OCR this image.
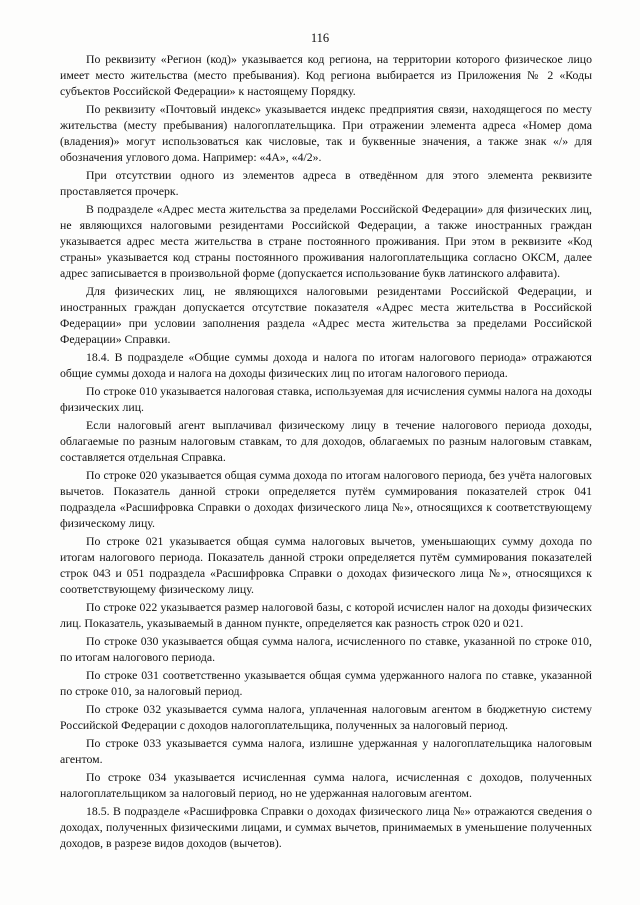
116

По реквизиту «Регион (код)» указывается код региона, на территории которого физическое лицо имеет место жительства (место пребывания). Код региона выбирается из Приложения № 2 «Коды субъектов Российской Федерации» к настоящему Порядку.

По реквизиту «Почтовый индекс» указывается индекс предприятия связи, находящегося по месту жительства (месту пребывания) налогоплательщика. При отражении элемента адреса «Номер дома (владения)» могут использоваться как числовые, так и буквенные значения, а также знак «/» для обозначения углового дома. Например: «4А», «4/2».

При отсутствии одного из элементов адреса в отведённом для этого элемента реквизите проставляется прочерк.

В подразделе «Адрес места жительства за пределами Российской Федерации» для физических лиц, не являющихся налоговыми резидентами Российской Федерации, а также иностранных граждан указывается адрес места жительства в стране постоянного проживания. При этом в реквизите «Код страны» указывается код страны постоянного проживания налогоплательщика согласно ОКСМ, далее адрес записывается в произвольной форме (допускается использование букв латинского алфавита).

Для физических лиц, не являющихся налоговыми резидентами Российской Федерации, и иностранных граждан допускается отсутствие показателя «Адрес места жительства в Российской Федерации» при условии заполнения раздела «Адрес места жительства за пределами Российской Федерации» Справки.

18.4. В подразделе «Общие суммы дохода и налога по итогам налогового периода» отражаются общие суммы дохода и налога на доходы физических лиц по итогам налогового периода.

По строке 010 указывается налоговая ставка, используемая для исчисления суммы налога на доходы физических лиц.

Если налоговый агент выплачивал физическому лицу в течение налогового периода доходы, облагаемые по разным налоговым ставкам, то для доходов, облагаемых по разным налоговым ставкам, составляется отдельная Справка.

По строке 020 указывается общая сумма дохода по итогам налогового периода, без учёта налоговых вычетов. Показатель данной строки определяется путём суммирования показателей строк 041 подраздела «Расшифровка Справки о доходах физического лица №», относящихся к соответствующему физическому лицу.

По строке 021 указывается общая сумма налоговых вычетов, уменьшающих сумму дохода по итогам налогового периода. Показатель данной строки определяется путём суммирования показателей строк 043 и 051 подраздела «Расшифровка Справки о доходах физического лица №», относящихся к соответствующему физическому лицу.

По строке 022 указывается размер налоговой базы, с которой исчислен налог на доходы физических лиц. Показатель, указываемый в данном пункте, определяется как разность строк 020 и 021.

По строке 030 указывается общая сумма налога, исчисленного по ставке, указанной по строке 010, по итогам налогового периода.

По строке 031 соответственно указывается общая сумма удержанного налога по ставке, указанной по строке 010, за налоговый период.

По строке 032 указывается сумма налога, уплаченная налоговым агентом в бюджетную систему Российской Федерации с доходов налогоплательщика, полученных за налоговый период.

По строке 033 указывается сумма налога, излишне удержанная у налогоплательщика налоговым агентом.

По строке 034 указывается исчисленная сумма налога, исчисленная с доходов, полученных налогоплательщиком за налоговый период, но не удержанная налоговым агентом.

18.5. В подразделе «Расшифровка Справки о доходах физического лица №» отражаются сведения о доходах, полученных физическими лицами, и суммах вычетов, принимаемых в уменьшение полученных доходов, в разрезе видов доходов (вычетов).
